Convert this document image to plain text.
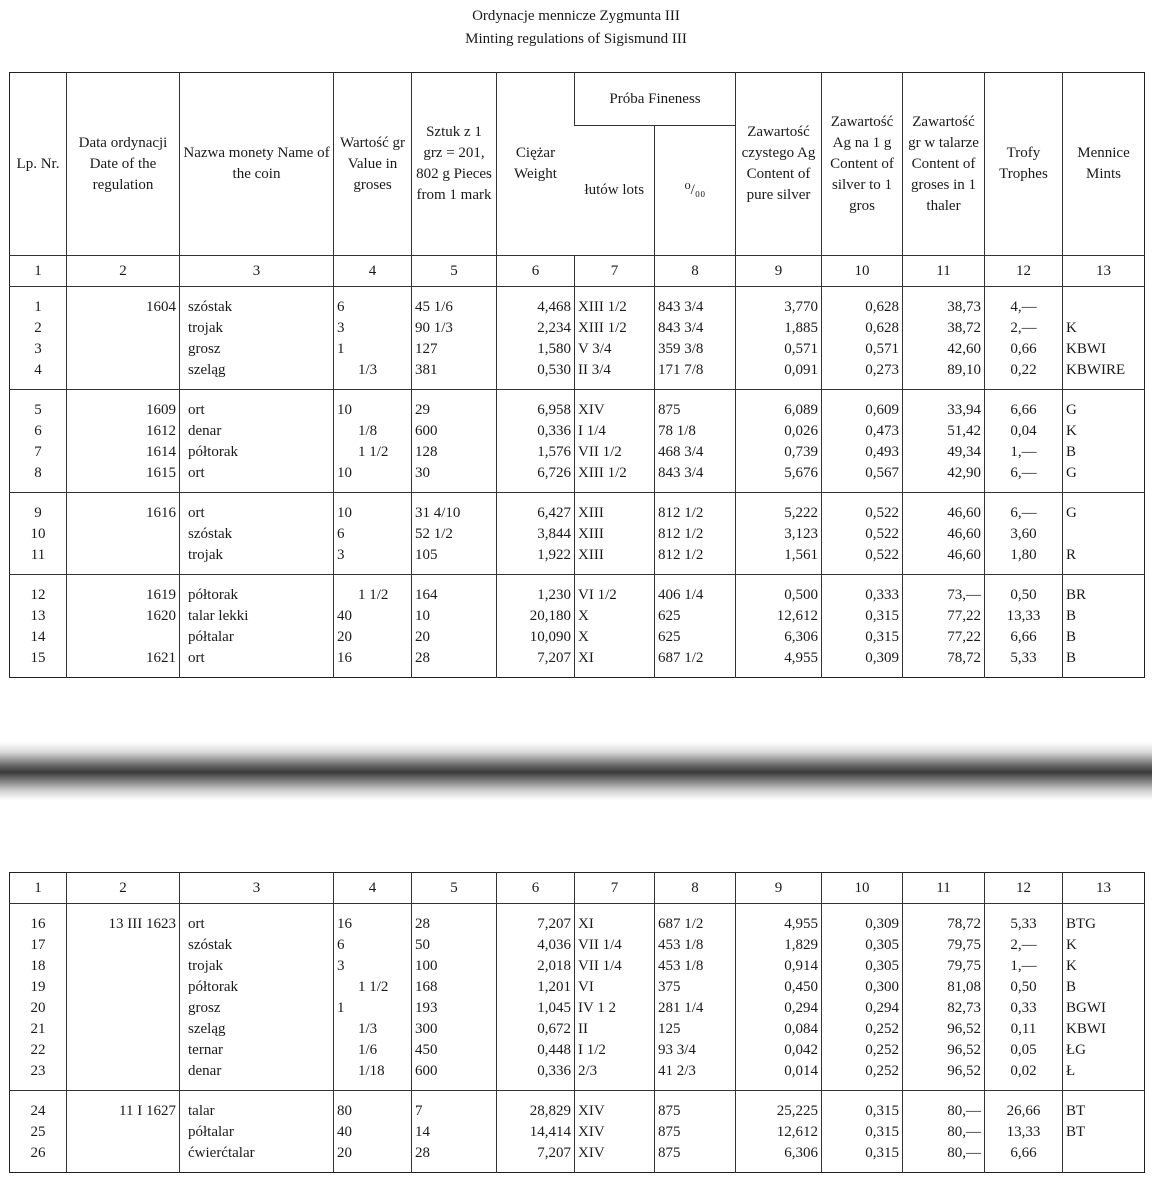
Ordynacje mennicze Zygmunta III
Minting regulations of Sigismund III
Lp. Nr.	Data ordynacji Date of the regulation	Nazwa monety Name of the coin	Wartość gr Value in groses	Sztuk z 1 grz = 201, 802 g Pieces from 1 mark	Ciężar Weight	Próba Fineness		Zawartość czystego Ag Content of pure silver	Zawartość Ag na 1 g Content of silver to 1 gros	Zawartość gr w talarze Content of groses in 1 thaler	Trofy Trophes	Mennice Mints
						łutów lots	⁰/₀₀					

1	2	3	4	5	6	7	8	9	10	11	12	13
1	1604	szóstak	6	45 1/6	4,468	XIII 1/2	843 3/4	3,770	0,628	38,73	4,—	
2		trojak	3	90 1/3	2,234	XIII 1/2	843 3/4	1,885	0,628	38,72	2,—	K
3		grosz	1	127	1,580	V 3/4	359 3/8	0,571	0,571	42,60	0,66	KBWI
4		szeląg	1/3	381	0,530	II 3/4	171 7/8	0,091	0,273	89,10	0,22	KBWIRE
5	1609	ort	10	29	6,958	XIV	875	6,089	0,609	33,94	6,66	G
6	1612	denar	1/8	600	0,336	I 1/4	78 1/8	0,026	0,473	51,42	0,04	K
7	1614	półtorak	1 1/2	128	1,576	VII 1/2	468 3/4	0,739	0,493	49,34	1,—	B
8	1615	ort	10	30	6,726	XIII 1/2	843 3/4	5,676	0,567	42,90	6,—	G
9	1616	ort	10	31 4/10	6,427	XIII	812 1/2	5,222	0,522	46,60	6,—	G
10		szóstak	6	52 1/2	3,844	XIII	812 1/2	3,123	0,522	46,60	3,60	
11		trojak	3	105	1,922	XIII	812 1/2	1,561	0,522	46,60	1,80	R
12	1619	półtorak	1 1/2	164	1,230	VI 1/2	406 1/4	0,500	0,333	73,—	0,50	BR
13	1620	talar lekki	40	10	20,180	X	625	12,612	0,315	77,22	13,33	B
14		półtalar	20	20	10,090	X	625	6,306	0,315	77,22	6,66	B
15	1621	ort	16	28	7,207	XI	687 1/2	4,955	0,309	78,72	5,33	B
1	2	3	4	5	6	7	8	9	10	11	12	13
16	13 III 1623	ort	16	28	7,207	XI	687 1/2	4,955	0,309	78,72	5,33	BTG
17		szóstak	6	50	4,036	VII 1/4	453 1/8	1,829	0,305	79,75	2,—	K
18		trojak	3	100	2,018	VII 1/4	453 1/8	0,914	0,305	79,75	1,—	K
19		półtorak	1 1/2	168	1,201	VI	375	0,450	0,300	81,08	0,50	B
20		grosz	1	193	1,045	IV 1 2	281 1/4	0,294	0,294	82,73	0,33	BGWI
21		szeląg	1/3	300	0,672	II	125	0,084	0,252	96,52	0,11	KBWI
22		ternar	1/6	450	0,448	I 1/2	93 3/4	0,042	0,252	96,52	0,05	ŁG
23		denar	1/18	600	0,336	2/3	41 2/3	0,014	0,252	96,52	0,02	Ł
24	11 I 1627	talar	80	7	28,829	XIV	875	25,225	0,315	80,—	26,66	BT
25		półtalar	40	14	14,414	XIV	875	12,612	0,315	80,—	13,33	BT
26		ćwierćtalar	20	28	7,207	XIV	875	6,306	0,315	80,—	6,66	
